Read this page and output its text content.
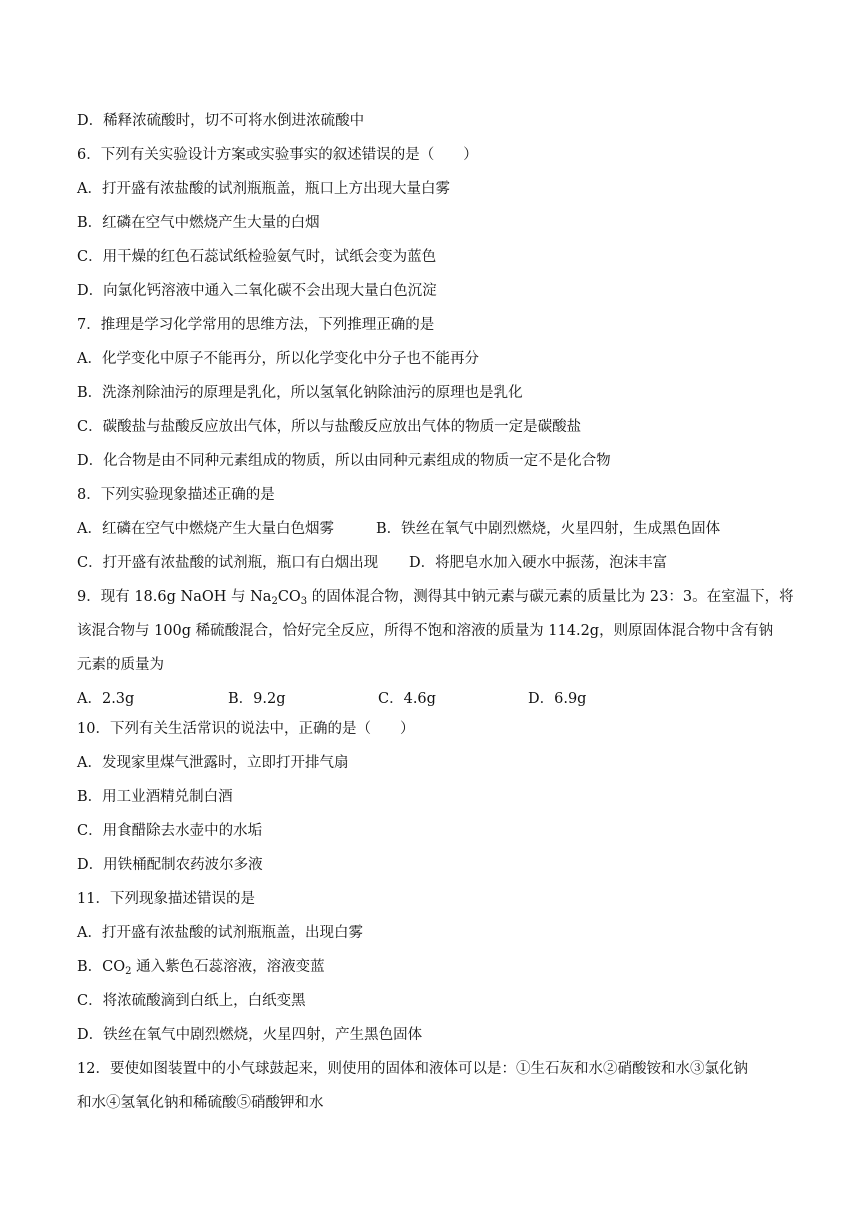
D．稀释浓硫酸时，切不可将水倒进浓硫酸中
6．下列有关实验设计方案或实验事实的叙述错误的是（　　）
A．打开盛有浓盐酸的试剂瓶瓶盖，瓶口上方出现大量白雾
B．红磷在空气中燃烧产生大量的白烟
C．用干燥的红色石蕊试纸检验氨气时，试纸会变为蓝色
D．向氯化钙溶液中通入二氧化碳不会出现大量白色沉淀
7．推理是学习化学常用的思维方法，下列推理正确的是
A．化学变化中原子不能再分，所以化学变化中分子也不能再分
B．洗涤剂除油污的原理是乳化，所以氢氧化钠除油污的原理也是乳化
C．碳酸盐与盐酸反应放出气体，所以与盐酸反应放出气体的物质一定是碳酸盐
D．化合物是由不同种元素组成的物质，所以由同种元素组成的物质一定不是化合物
8．下列实验现象描述正确的是
A．红磷在空气中燃烧产生大量白色烟雾	B．铁丝在氧气中剧烈燃烧，火星四射，生成黑色固体
C．打开盛有浓盐酸的试剂瓶，瓶口有白烟出现 D．将肥皂水加入硬水中振荡，泡沫丰富
9．现有 18.6g NaOH 与 $Na_2CO_3$ 的固体混合物，测得其中钠元素与碳元素的质量比为 23：3。在室温下，将
该混合物与 100g 稀硫酸混合，恰好完全反应，所得不饱和溶液的质量为 114.2g，则原固体混合物中含有钠
元素的质量为
A．2.3g	B．9.2g	C．4.6g	D．6.9g
10．下列有关生活常识的说法中，正确的是（　　）
A．发现家里煤气泄露时，立即打开排气扇
B．用工业酒精兑制白酒
C．用食醋除去水壶中的水垢
D．用铁桶配制农药波尔多液
11．下列现象描述错误的是
A．打开盛有浓盐酸的试剂瓶瓶盖，出现白雾
B．$CO_2$ 通入紫色石蕊溶液，溶液变蓝
C．将浓硫酸滴到白纸上，白纸变黑
D．铁丝在氧气中剧烈燃烧，火星四射，产生黑色固体
12．要使如图装置中的小气球鼓起来，则使用的固体和液体可以是：①生石灰和水②硝酸铵和水③氯化钠
和水④氢氧化钠和稀硫酸⑤硝酸钾和水
